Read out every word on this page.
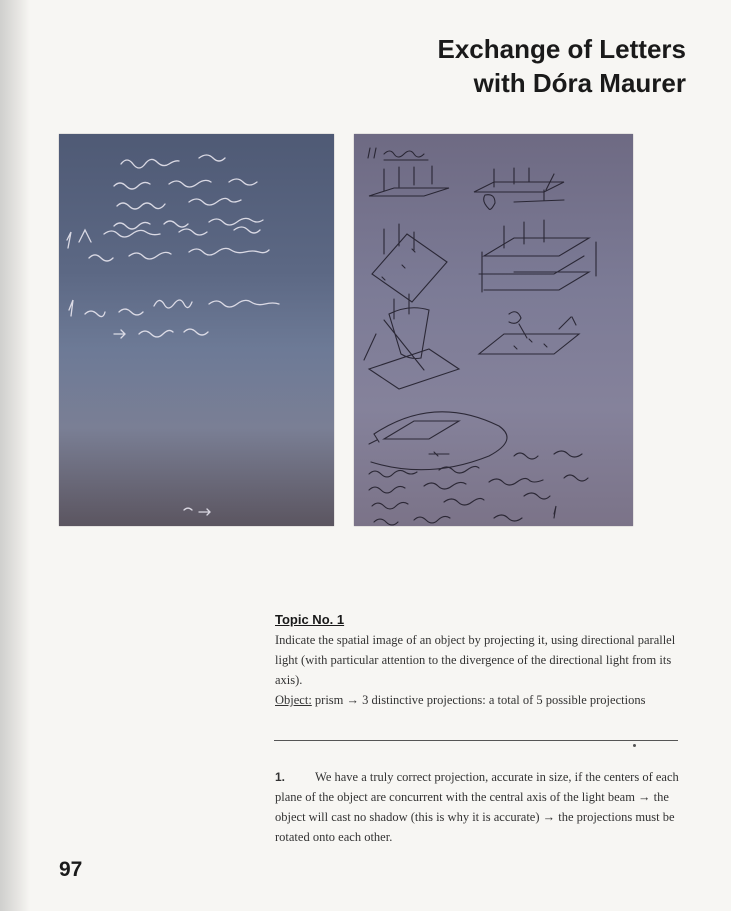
Exchange of Letters
with Dóra Maurer
Topic No. 1
Indicate the spatial image of an object by projecting it, using directional parallel light (with particular attention to the divergence of the directional light from its axis).
Object: prism → 3 distinctive projections: a total of 5 possible projections
1. We have a truly correct projection, accurate in size, if the centers of each plane of the object are concurrent with the central axis of the light beam → the object will cast no shadow (this is why it is accurate) → the projections must be rotated onto each other.
97
